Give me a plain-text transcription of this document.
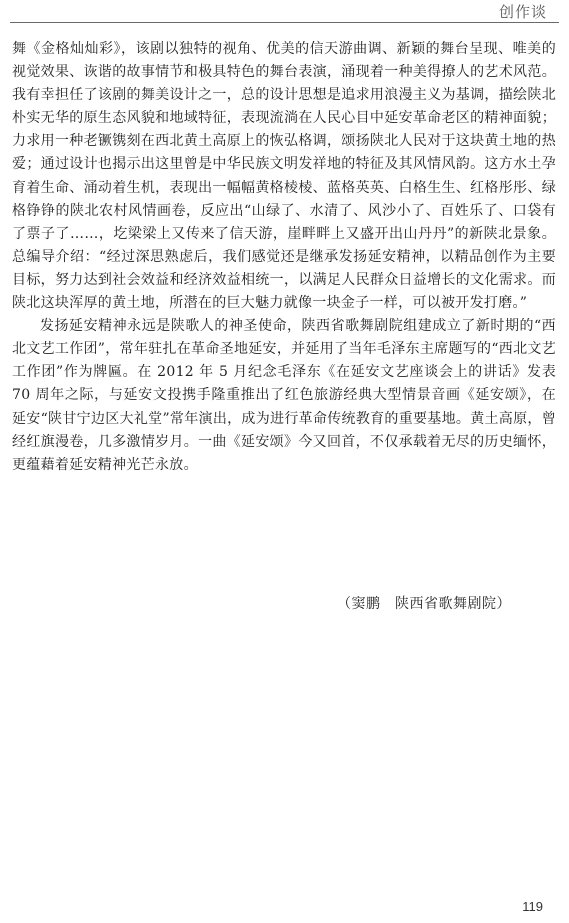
创作谈

舞《金格灿灿彩》，该剧以独特的视角、优美的信天游曲调、新颖的舞台呈现、唯美的视觉效果、诙谐的故事情节和极具特色的舞台表演，涌现着一种美得撩人的艺术风范。我有幸担任了该剧的舞美设计之一，总的设计思想是追求用浪漫主义为基调，描绘陕北朴实无华的原生态风貌和地域特征，表现流淌在人民心目中延安革命老区的精神面貌；力求用一种老镢镌刻在西北黄土高原上的恢弘格调，颂扬陕北人民对于这块黄土地的热爱；通过设计也揭示出这里曾是中华民族文明发祥地的特征及其风情风韵。这方水土孕育着生命、涌动着生机，表现出一幅幅黄格棱棱、蓝格英英、白格生生、红格彤彤、绿格铮铮的陕北农村风情画卷，反应出“山绿了、水清了、风沙小了、百姓乐了、口袋有了票子了……，圪梁梁上又传来了信天游，崖畔畔上又盛开出山丹丹”的新陕北景象。总编导介绍：“经过深思熟虑后，我们感觉还是继承发扬延安精神，以精品创作为主要目标，努力达到社会效益和经济效益相统一，以满足人民群众日益增长的文化需求。而陕北这块浑厚的黄土地，所潜在的巨大魅力就像一块金子一样，可以被开发打磨。”

发扬延安精神永远是陕歌人的神圣使命，陕西省歌舞剧院组建成立了新时期的“西北文艺工作团”，常年驻扎在革命圣地延安，并延用了当年毛泽东主席题写的“西北文艺工作团”作为牌匾。在 2012 年 5 月纪念毛泽东《在延安文艺座谈会上的讲话》发表 70 周年之际，与延安文投携手隆重推出了红色旅游经典大型情景音画《延安颂》，在延安“陕甘宁边区大礼堂”常年演出，成为进行革命传统教育的重要基地。黄土高原，曾经红旗漫卷，几多激情岁月。一曲《延安颂》今又回首，不仅承载着无尽的历史缅怀，更蕴藉着延安精神光芒永放。

（窦鹏　陕西省歌舞剧院）
119
